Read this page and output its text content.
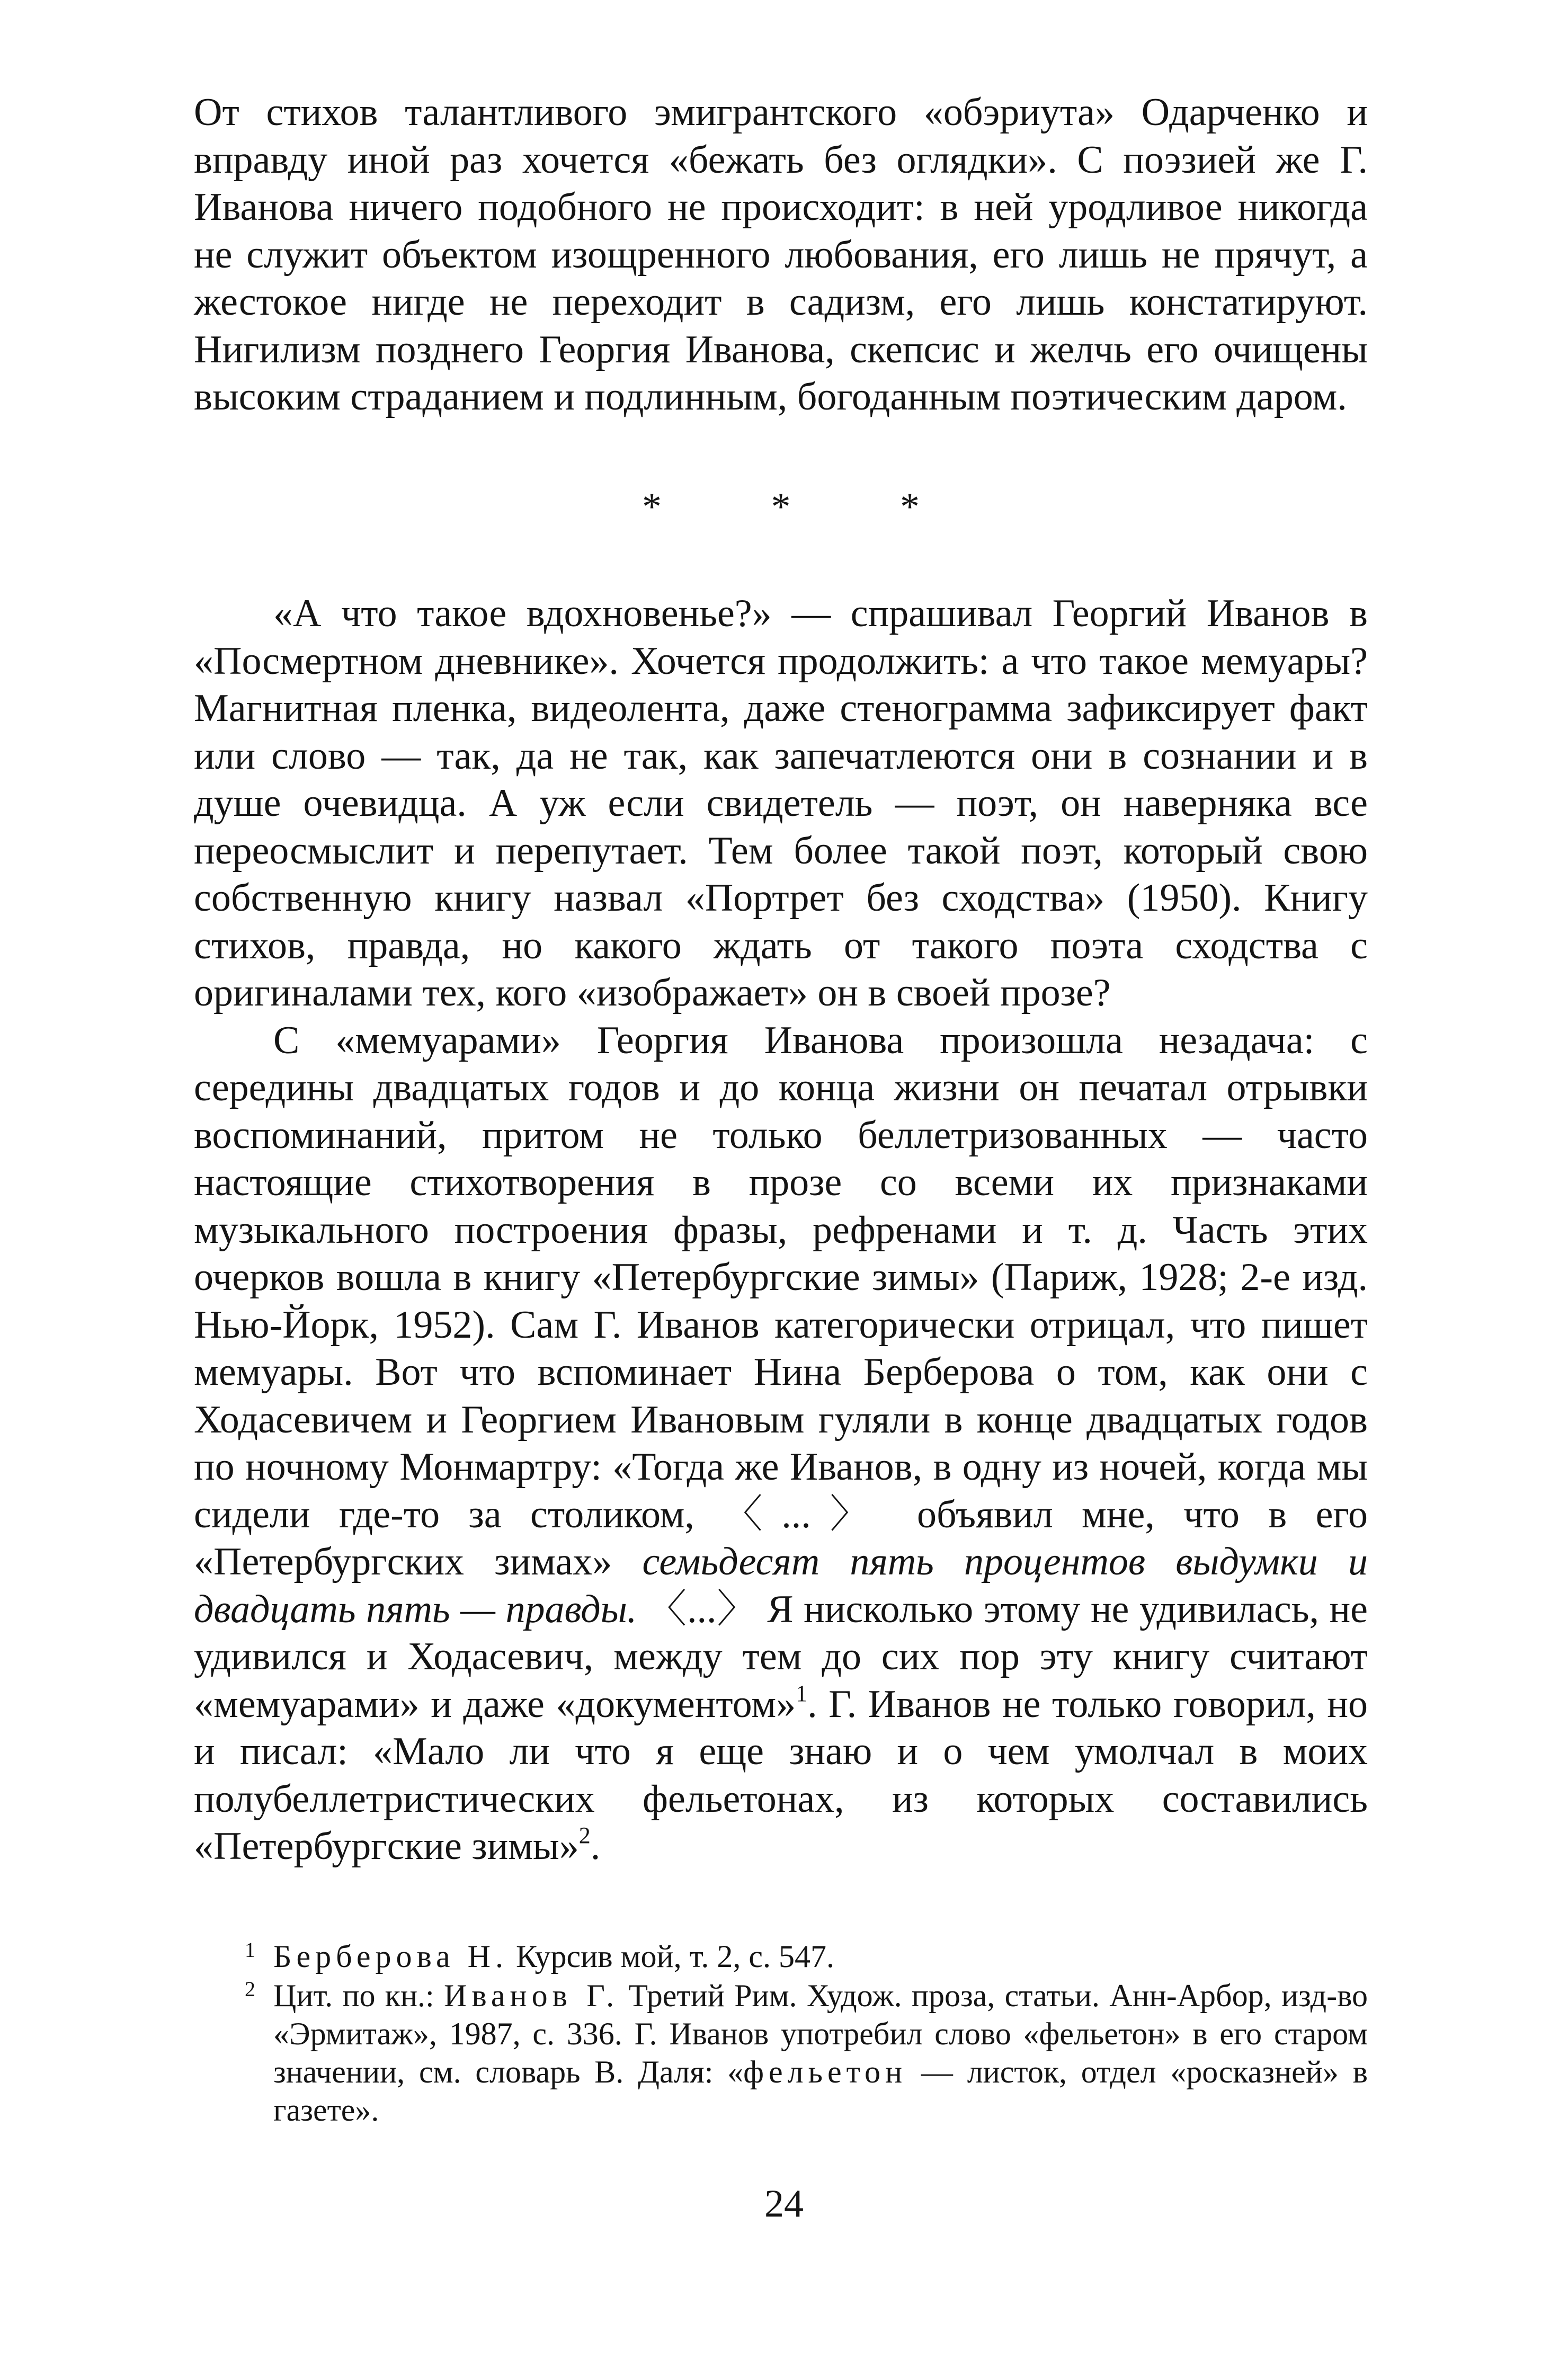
От стихов талантливого эмигрантского «обэриута» Одарченко и вправду иной раз хочется «бежать без оглядки». С поэзией же Г. Иванова ничего подобного не происходит: в ней уродливое никогда не служит объектом изощренного любования, его лишь не прячут, а жестокое нигде не переходит в садизм, его лишь констатируют. Нигилизм позднего Георгия Иванова, скепсис и желчь его очищены высоким страданием и подлинным, богоданным поэтическим даром.

*	*	*

«А что такое вдохновенье?» — спрашивал Георгий Иванов в «Посмертном дневнике». Хочется продолжить: а что такое мемуары? Магнитная пленка, видеолента, даже стенограмма зафиксирует факт или слово — так, да не так, как запечатлеются они в сознании и в душе очевидца. А уж если свидетель — поэт, он наверняка все переосмыслит и перепутает. Тем более такой поэт, который свою собственную книгу назвал «Портрет без сходства» (1950). Книгу стихов, правда, но какого ждать от такого поэта сходства с оригиналами тех, кого «изображает» он в своей прозе?

С «мемуарами» Георгия Иванова произошла незадача: с середины двадцатых годов и до конца жизни он печатал отрывки воспоминаний, притом не только беллетризованных — часто настоящие стихотворения в прозе со всеми их признаками музыкального построения фразы, рефренами и т. д. Часть этих очерков вошла в книгу «Петербургские зимы» (Париж, 1928; 2-е изд. Нью-Йорк, 1952). Сам Г. Иванов категорически отрицал, что пишет мемуары. Вот что вспоминает Нина Берберова о том, как они с Ходасевичем и Георгием Ивановым гуляли в конце двадцатых годов по ночному Монмартру: «Тогда же Иванов, в одну из ночей, когда мы сидели где-то за столиком, 〈...〉 объявил мне, что в его «Петербургских зимах» семьдесят пять процентов выдумки и двадцать пять — правды. 〈...〉 Я нисколько этому не удивилась, не удивился и Ходасевич, между тем до сих пор эту книгу считают «мемуарами» и даже «документом»$^1$. Г. Иванов не только говорил, но и писал: «Мало ли что я еще знаю и о чем умолчал в моих полубеллетристических фельетонах, из которых составились «Петербургские зимы»$^2$.

1 Берберова Н. Курсив мой, т. 2, с. 547.

2 Цит. по кн.: Иванов Г. Третий Рим. Худож. проза, статьи. Анн-Арбор, изд-во «Эрмитаж», 1987, с. 336. Г. Иванов употребил слово «фельетон» в его старом значении, см. словарь В. Даля: «фельетон — листок, отдел «росказней» в газете».

24
